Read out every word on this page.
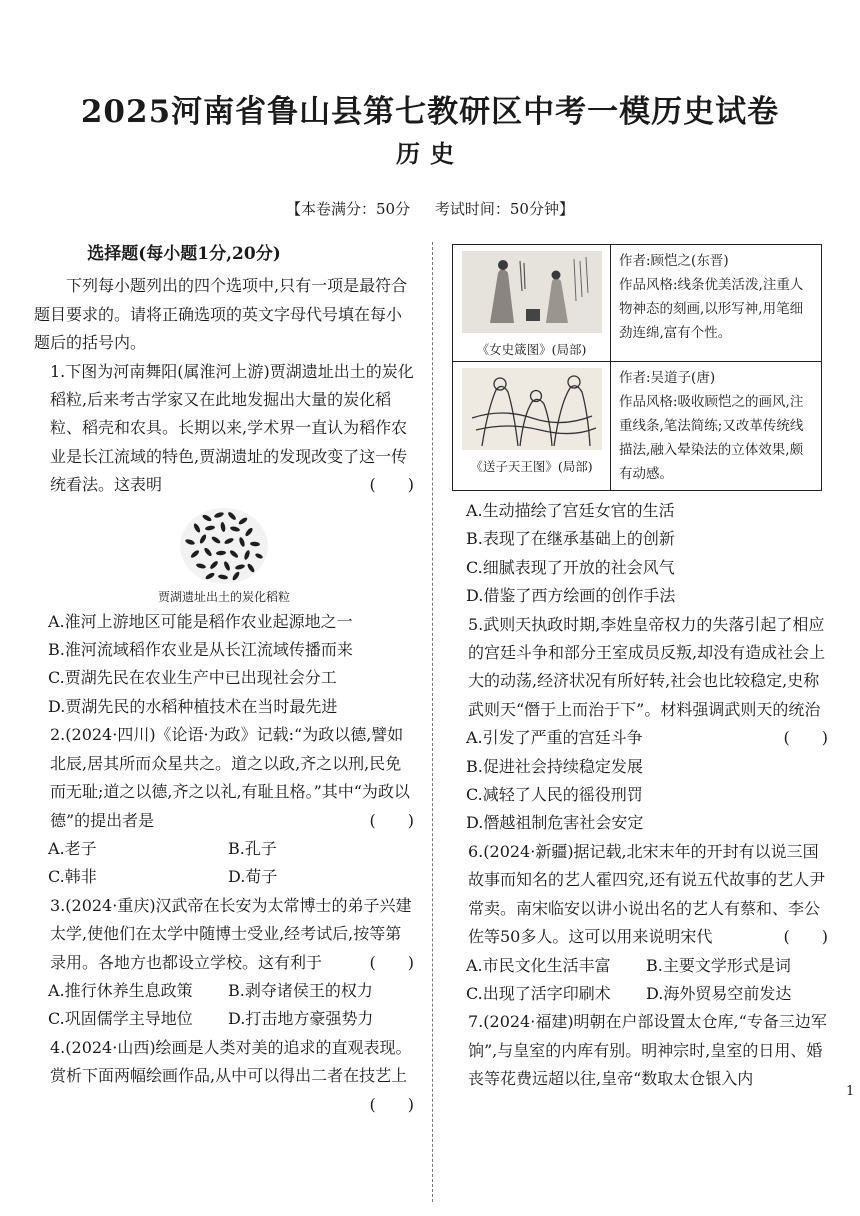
2025河南省鲁山县第七教研区中考一模历史试卷
历史
【本卷满分：50分 考试时间：50分钟】
选择题(每小题1分,20分)
下列每小题列出的四个选项中,只有一项是最符合题目要求的。请将正确选项的英文字母代号填在每小题后的括号内。
1.下图为河南舞阳(属淮河上游)贾湖遗址出土的炭化稻粒,后来考古学家又在此地发掘出大量的炭化稻粒、稻壳和农具。长期以来,学术界一直认为稻作农业是长江流域的特色,贾湖遗址的发现改变了这一传统看法。这表明	(　　)
贾湖遗址出土的炭化稻粒
A.淮河上游地区可能是稻作农业起源地之一
B.淮河流域稻作农业是从长江流域传播而来
C.贾湖先民在农业生产中已出现社会分工
D.贾湖先民的水稻种植技术在当时最先进
2.(2024·四川)《论语·为政》记载:“为政以德,譬如北辰,居其所而众星共之。道之以政,齐之以刑,民免而无耻;道之以德,齐之以礼,有耻且格。”其中“为政以德”的提出者是	(　　)
A.老子	B.孔子
C.韩非	D.荀子
3.(2024·重庆)汉武帝在长安为太常博士的弟子兴建太学,使他们在太学中随博士受业,经考试后,按等第录用。各地方也都设立学校。这有利于	(　　)
A.推行休养生息政策	B.剥夺诸侯王的权力
C.巩固儒学主导地位	D.打击地方豪强势力
4.(2024·山西)绘画是人类对美的追求的直观表现。赏析下面两幅绘画作品,从中可以得出二者在技艺上
(　　)
《女史箴图》(局部)	作者:顾恺之(东晋)
作品风格:线条优美活泼,注重人物神态的刻画,以形写神,用笔细劲连绵,富有个性。

《送子天王图》(局部)	作者:吴道子(唐)
作品风格:吸收顾恺之的画风,注重线条,笔法简练;又改革传统线描法,融入晕染法的立体效果,颇有动感。
A.生动描绘了宫廷女官的生活
B.表现了在继承基础上的创新
C.细腻表现了开放的社会风气
D.借鉴了西方绘画的创作手法
5.武则天执政时期,李姓皇帝权力的失落引起了相应的宫廷斗争和部分王室成员反叛,却没有造成社会上大的动荡,经济状况有所好转,社会也比较稳定,史称武则天“僭于上而治于下”。材料强调武则天的统治
(　　)
A.引发了严重的宫廷斗争
B.促进社会持续稳定发展
C.减轻了人民的徭役刑罚
D.僭越祖制危害社会安定
6.(2024·新疆)据记载,北宋末年的开封有以说三国故事而知名的艺人霍四究,还有说五代故事的艺人尹常卖。南宋临安以讲小说出名的艺人有蔡和、李公佐等50多人。这可以用来说明宋代	(　　)
A.市民文化生活丰富	B.主要文学形式是词
C.出现了活字印刷术	D.海外贸易空前发达
7.(2024·福建)明朝在户部设置太仓库,“专备三边军饷”,与皇室的内库有别。明神宗时,皇室的日用、婚丧等花费远超以往,皇帝“数取太仓银入内
1
